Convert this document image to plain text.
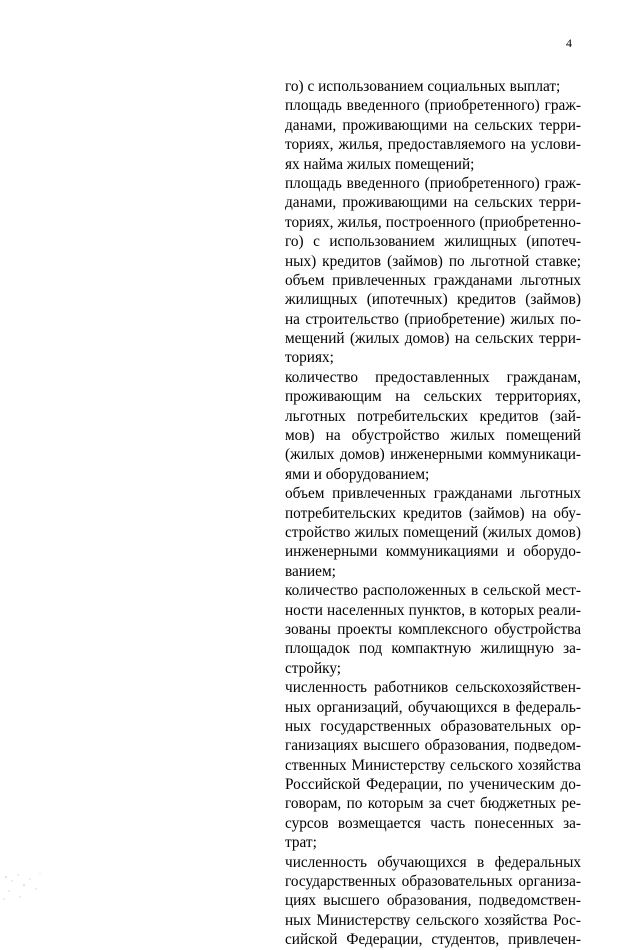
4
го) с использованием социальных выплат;
площадь введенного (приобретенного) граж-
данами, проживающими на сельских терри-
ториях, жилья, предоставляемого на услови-
ях найма жилых помещений;
площадь введенного (приобретенного) граж-
данами, проживающими на сельских терри-
ториях, жилья, построенного (приобретенно-
го) с использованием жилищных (ипотеч-
ных) кредитов (займов) по льготной ставке;
объем привлеченных гражданами льготных
жилищных (ипотечных) кредитов (займов)
на строительство (приобретение) жилых по-
мещений (жилых домов) на сельских терри-
ториях;
количество предоставленных гражданам,
проживающим на сельских территориях,
льготных потребительских кредитов (зай-
мов) на обустройство жилых помещений
(жилых домов) инженерными коммуникаци-
ями и оборудованием;
объем привлеченных гражданами льготных
потребительских кредитов (займов) на обу-
стройство жилых помещений (жилых домов)
инженерными коммуникациями и оборудо-
ванием;
количество расположенных в сельской мест-
ности населенных пунктов, в которых реали-
зованы проекты комплексного обустройства
площадок под компактную жилищную за-
стройку;
численность работников сельскохозяйствен-
ных организаций, обучающихся в федераль-
ных государственных образовательных ор-
ганизациях высшего образования, подведом-
ственных Министерству сельского хозяйства
Российской Федерации, по ученическим до-
говорам, по которым за счет бюджетных ре-
сурсов возмещается часть понесенных за-
трат;
численность обучающихся в федеральных
государственных образовательных организа-
циях высшего образования, подведомствен-
ных Министерству сельского хозяйства Рос-
сийской Федерации, студентов, привлечен-
